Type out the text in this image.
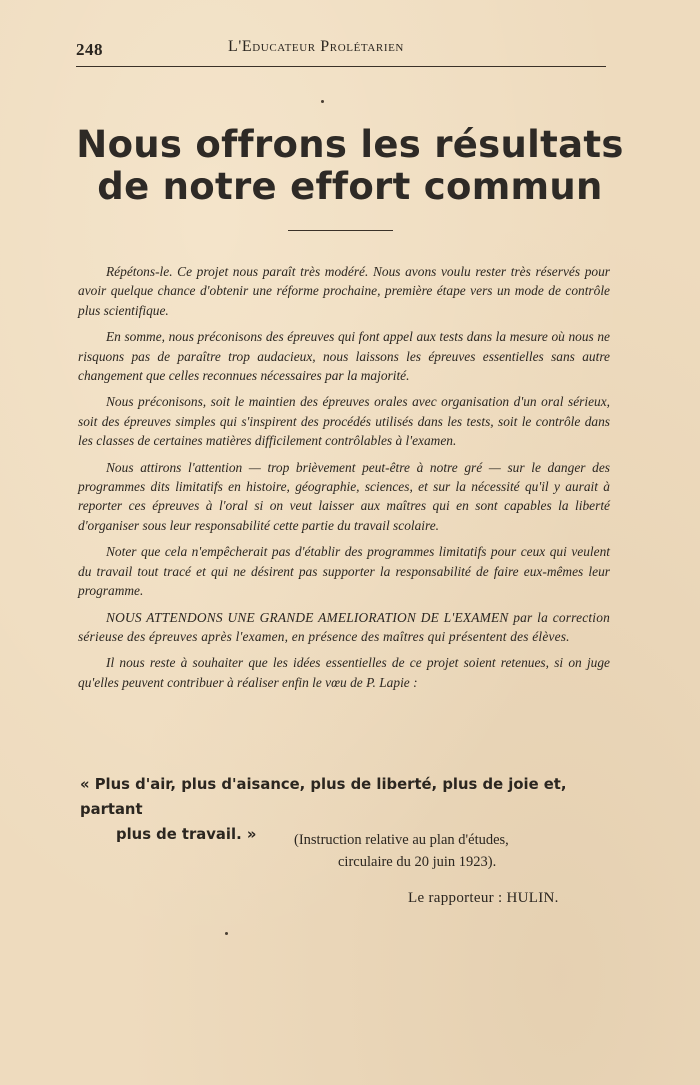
248	L'Educateur Prolétarien
Nous offrons les résultats
de notre effort commun

Répétons-le. Ce projet nous paraît très modéré. Nous avons voulu rester très réservés pour avoir quelque chance d'obtenir une réforme prochaine, première étape vers un mode de contrôle plus scientifique.

En somme, nous préconisons des épreuves qui font appel aux tests dans la mesure où nous ne risquons pas de paraître trop audacieux, nous laissons les épreuves essentielles sans autre changement que celles reconnues nécessaires par la majorité.

Nous préconisons, soit le maintien des épreuves orales avec organisation d'un oral sérieux, soit des épreuves simples qui s'inspirent des procédés utilisés dans les tests, soit le contrôle dans les classes de certaines matières difficilement contrôlables à l'examen.

Nous attirons l'attention — trop brièvement peut-être à notre gré — sur le danger des programmes dits limitatifs en histoire, géographie, sciences, et sur la nécessité qu'il y aurait à reporter ces épreuves à l'oral si on veut laisser aux maîtres qui en sont capables la liberté d'organiser sous leur responsabilité cette partie du travail scolaire.

Noter que cela n'empêcherait pas d'établir des programmes limitatifs pour ceux qui veulent du travail tout tracé et qui ne désirent pas supporter la responsabilité de faire eux-mêmes leur programme.

NOUS ATTENDONS UNE GRANDE AMELIORATION DE L'EXAMEN par la correction sérieuse des épreuves après l'examen, en présence des maîtres qui présentent des élèves.

Il nous reste à souhaiter que les idées essentielles de ce projet soient retenues, si on juge qu'elles peuvent contribuer à réaliser enfin le vœu de P. Lapie :

« Plus d'air, plus d'aisance, plus de liberté, plus de joie et, partant
plus de travail. »	(Instruction relative au plan d'études,
circulaire du 20 juin 1923).
Le rapporteur : HULIN.
